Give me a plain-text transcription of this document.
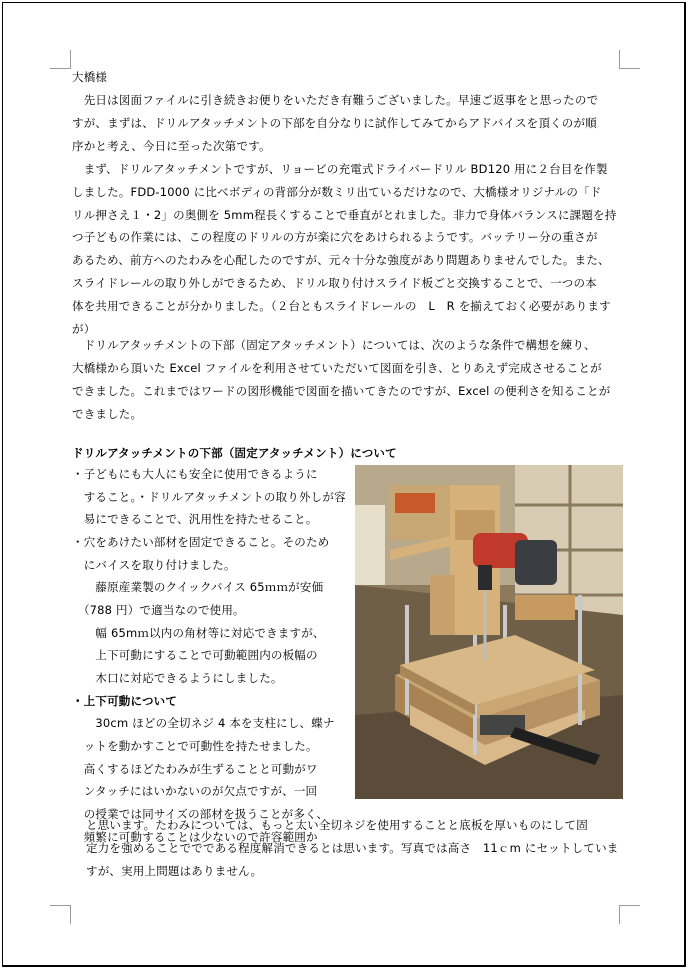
大橋様
　先日は図面ファイルに引き続きお便りをいただき有難うございました。早速ご返事をと思ったので
すが、まずは、ドリルアタッチメントの下部を自分なりに試作してみてからアドバイスを頂くのが順
序かと考え、今日に至った次第です。
　まず、ドリルアタッチメントですが、リョービの充電式ドライバードリル BD120 用に２台目を作製
しました。FDD-1000 に比べボディの背部分が数ミリ出ているだけなので、大橋様オリジナルの「ド
リル押さえ１・2」の奥側を 5mm程長くすることで垂直がとれました。非力で身体バランスに課題を持
つ子どもの作業には、この程度のドリルの方が楽に穴をあけられるようです。バッテリー分の重さが
あるため、前方へのたわみを心配したのですが、元々十分な強度があり問題ありませんでした。また、
スライドレールの取り外しができるため、ドリル取り付けスライド板ごと交換することで、一つの本
体を共用できることが分かりました。（２台ともスライドレールの　L　R を揃えておく必要があります
が）
　ドリルアタッチメントの下部（固定アタッチメント）については、次のような条件で構想を練り、
大橋様から頂いた Excel ファイルを利用させていただいて図面を引き、とりあえず完成させることが
できました。これまではワードの図形機能で図面を描いてきたのですが、Excel の便利さを知ることが
できました。
ドリルアタッチメントの下部（固定アタッチメント）について
・子どもにも大人にも安全に使用できるように
　すること。・ドリルアタッチメントの取り外しが容
　易にできることで、汎用性を持たせること。
・穴をあけたい部材を固定できること。そのため
　にバイスを取り付けました。
　　藤原産業製のクイックバイス 65ｍｍが安価
　（788 円）で適当なので使用。
　　幅 65mｍ以内の角材等に対応できますが、
　　上下可動にすることで可動範囲内の板幅の
　　木口に対応できるようにしました。
・上下可動について
　　30cm ほどの全切ネジ 4 本を支柱にし、蝶ナ
　ットを動かすことで可動性を持たせました。
　高くするほどたわみが生ずることと可動がワ
　ンタッチにはいかないのが欠点ですが、一回
　の授業では同サイズの部材を扱うことが多く、
　頻繁に可動することは少ないので許容範囲か
と思います。たわみについては、もっと太い全切ネジを使用することと底板を厚いものにして固
定力を強めることででである程度解消できるとは思います。写真では高さ　11ｃm にセットしていま
すが、実用上問題はありません。
